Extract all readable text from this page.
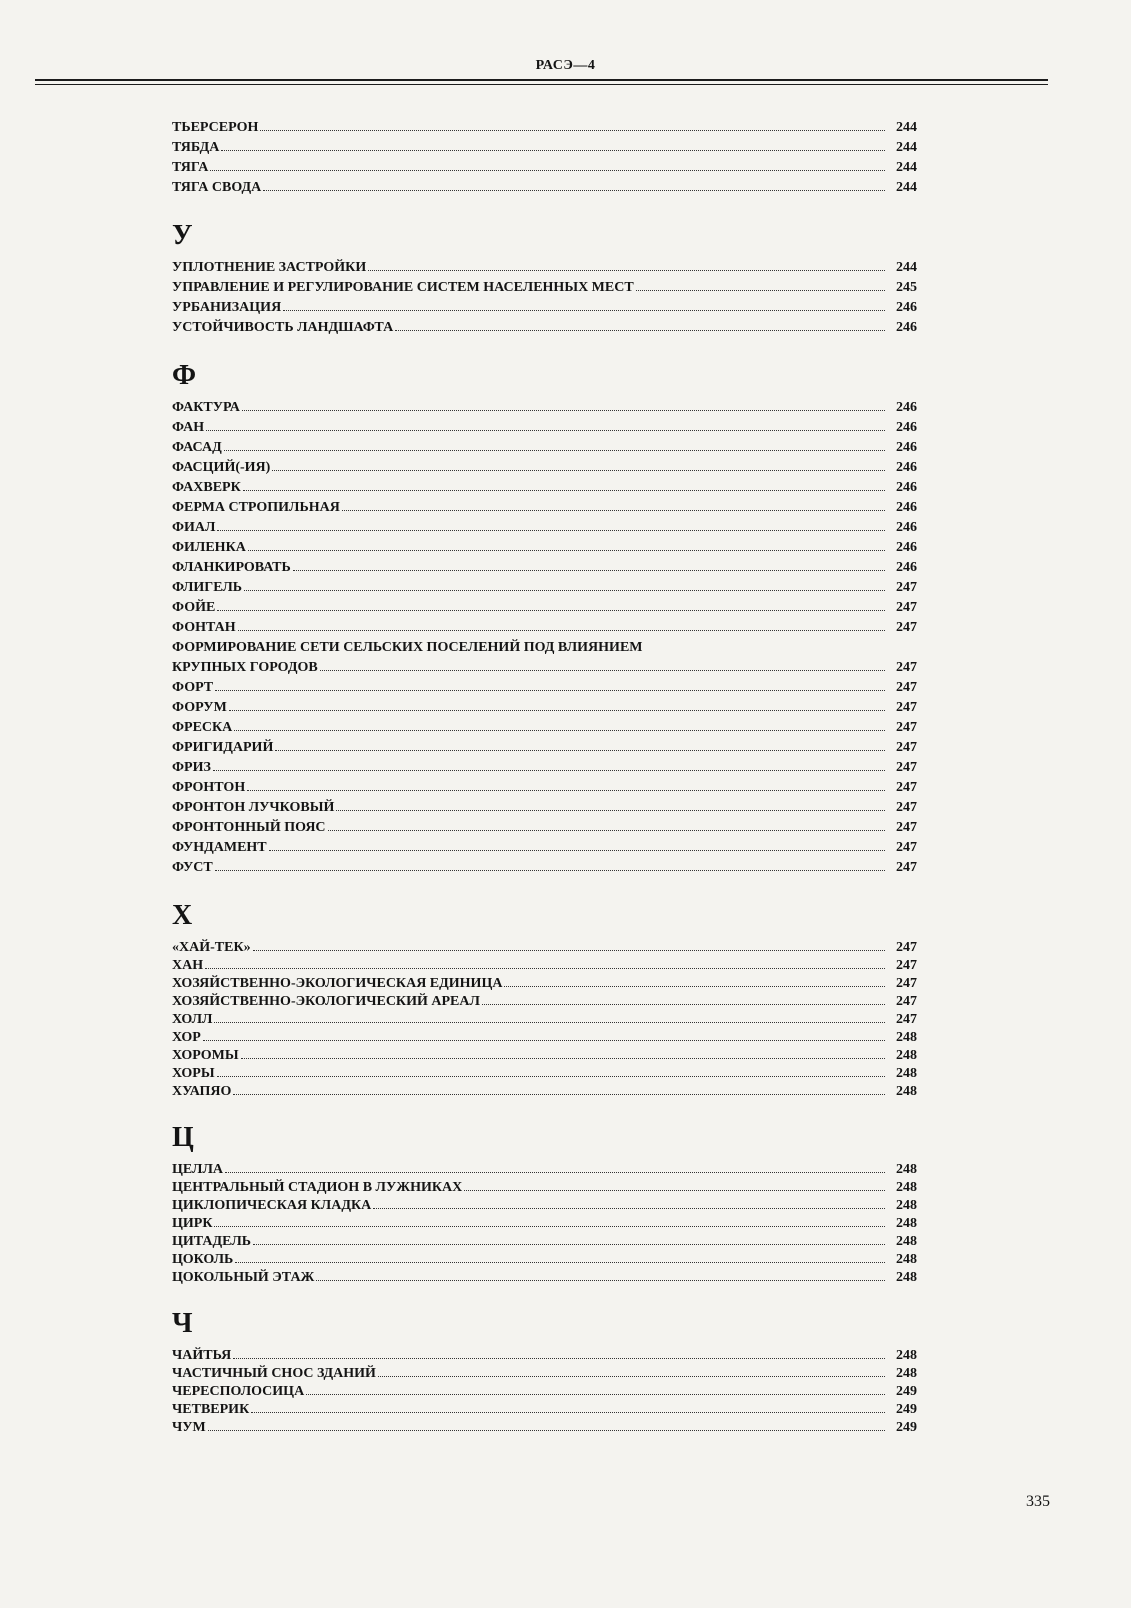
РАСЭ—4
ТЬЕРСЕРОН	244
ТЯБДА	244
ТЯГА	244
ТЯГА СВОДА	244
У
УПЛОТНЕНИЕ ЗАСТРОЙКИ	244
УПРАВЛЕНИЕ И РЕГУЛИРОВАНИЕ СИСТЕМ НАСЕЛЕННЫХ МЕСТ	245
УРБАНИЗАЦИЯ	246
УСТОЙЧИВОСТЬ ЛАНДШАФТА	246
Ф
ФАКТУРА	246
ФАН	246
ФАСАД	246
ФАСЦИЙ(-ИЯ)	246
ФАХВЕРК	246
ФЕРМА СТРОПИЛЬНАЯ	246
ФИАЛ	246
ФИЛЕНКА	246
ФЛАНКИРОВАТЬ	246
ФЛИГЕЛЬ	247
ФОЙЕ	247
ФОНТАН	247
ФОРМИРОВАНИЕ СЕТИ СЕЛЬСКИХ ПОСЕЛЕНИЙ ПОД ВЛИЯНИЕМ
КРУПНЫХ ГОРОДОВ	247
ФОРТ	247
ФОРУМ	247
ФРЕСКА	247
ФРИГИДАРИЙ	247
ФРИЗ	247
ФРОНТОН	247
ФРОНТОН ЛУЧКОВЫЙ	247
ФРОНТОННЫЙ ПОЯС	247
ФУНДАМЕНТ	247
ФУСТ	247
Х
«ХАЙ-ТЕК»	247
ХАН	247
ХОЗЯЙСТВЕННО-ЭКОЛОГИЧЕСКАЯ ЕДИНИЦА	247
ХОЗЯЙСТВЕННО-ЭКОЛОГИЧЕСКИЙ АРЕАЛ	247
ХОЛЛ	247
ХОР	248
ХОРОМЫ	248
ХОРЫ	248
ХУАПЯО	248
Ц
ЦЕЛЛА	248
ЦЕНТРАЛЬНЫЙ СТАДИОН В ЛУЖНИКАХ	248
ЦИКЛОПИЧЕСКАЯ КЛАДКА	248
ЦИРК	248
ЦИТАДЕЛЬ	248
ЦОКОЛЬ	248
ЦОКОЛЬНЫЙ ЭТАЖ	248
Ч
ЧАЙТЬЯ	248
ЧАСТИЧНЫЙ СНОС ЗДАНИЙ	248
ЧЕРЕСПОЛОСИЦА	249
ЧЕТВЕРИК	249
ЧУМ	249
335
